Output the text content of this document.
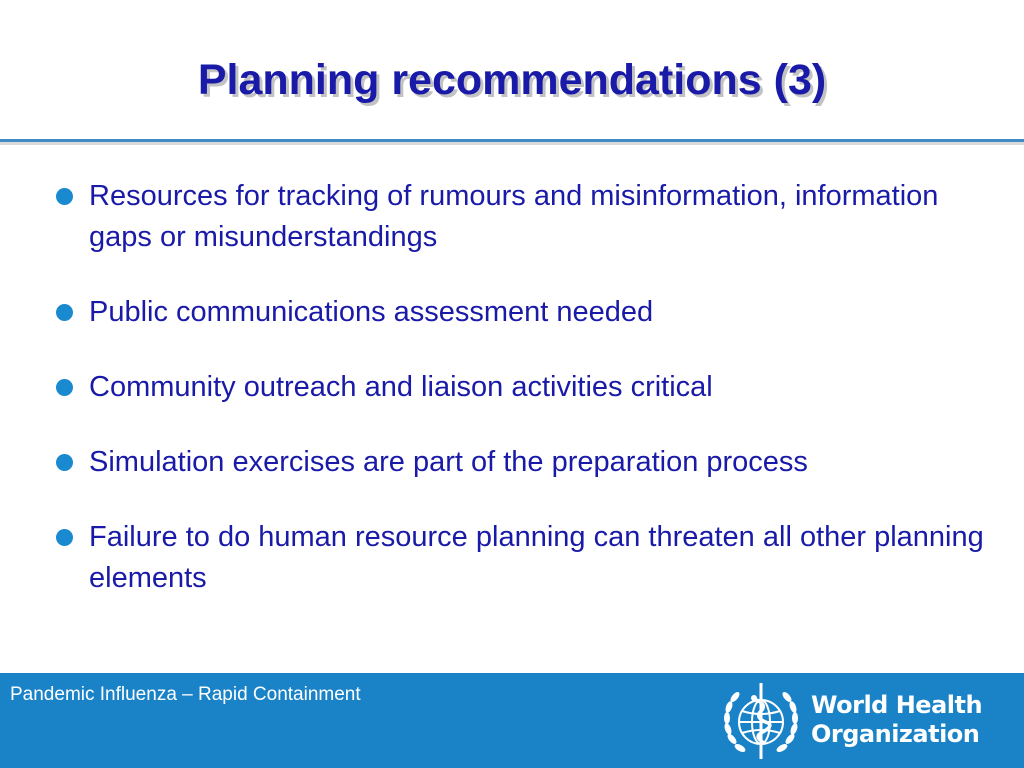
Planning recommendations (3)
Resources for tracking of rumours and misinformation, information gaps or misunderstandings
Public communications assessment needed
Community outreach and liaison activities critical
Simulation exercises are part of the preparation process
Failure to do human resource planning can threaten all other planning elements
Pandemic Influenza – Rapid Containment	World Health
Organization
